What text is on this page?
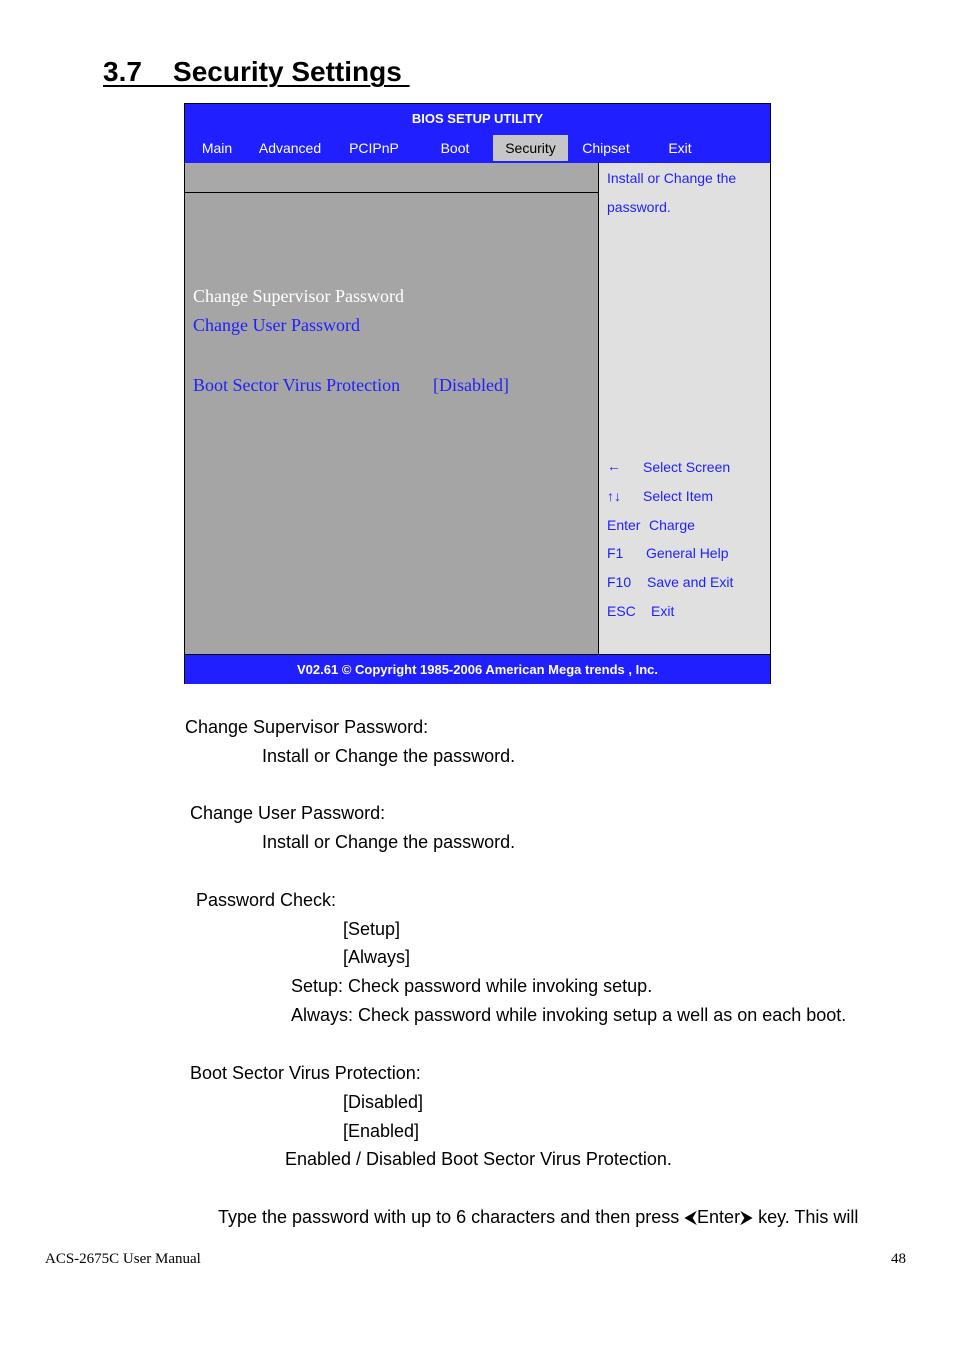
3.7    Security Settings
BIOS SETUP UTILITY
Main	Advanced	PCIPnP	Boot	Security	Chipset	Exit
Change Supervisor Password
Change User Password
Boot Sector Virus Protection [Disabled]
Install or Change the
password.
← Select Screen
↑↓ Select Item
Enter Charge
F1 General Help
F10 Save and Exit
ESC Exit
V02.61 © Copyright 1985-2006 American Mega trends , Inc.
Change Supervisor Password:
Install or Change the password.
Change User Password:
Install or Change the password.
Password Check:
[Setup]
[Always]
Setup: Check password while invoking setup.
Always: Check password while invoking setup a well as on each boot.
Boot Sector Virus Protection:
[Disabled]
[Enabled]
Enabled / Disabled Boot Sector Virus Protection.
Type the password with up to 6 characters and then press ⮜Enter⮞ key. This will
ACS-2675C User Manual	48
